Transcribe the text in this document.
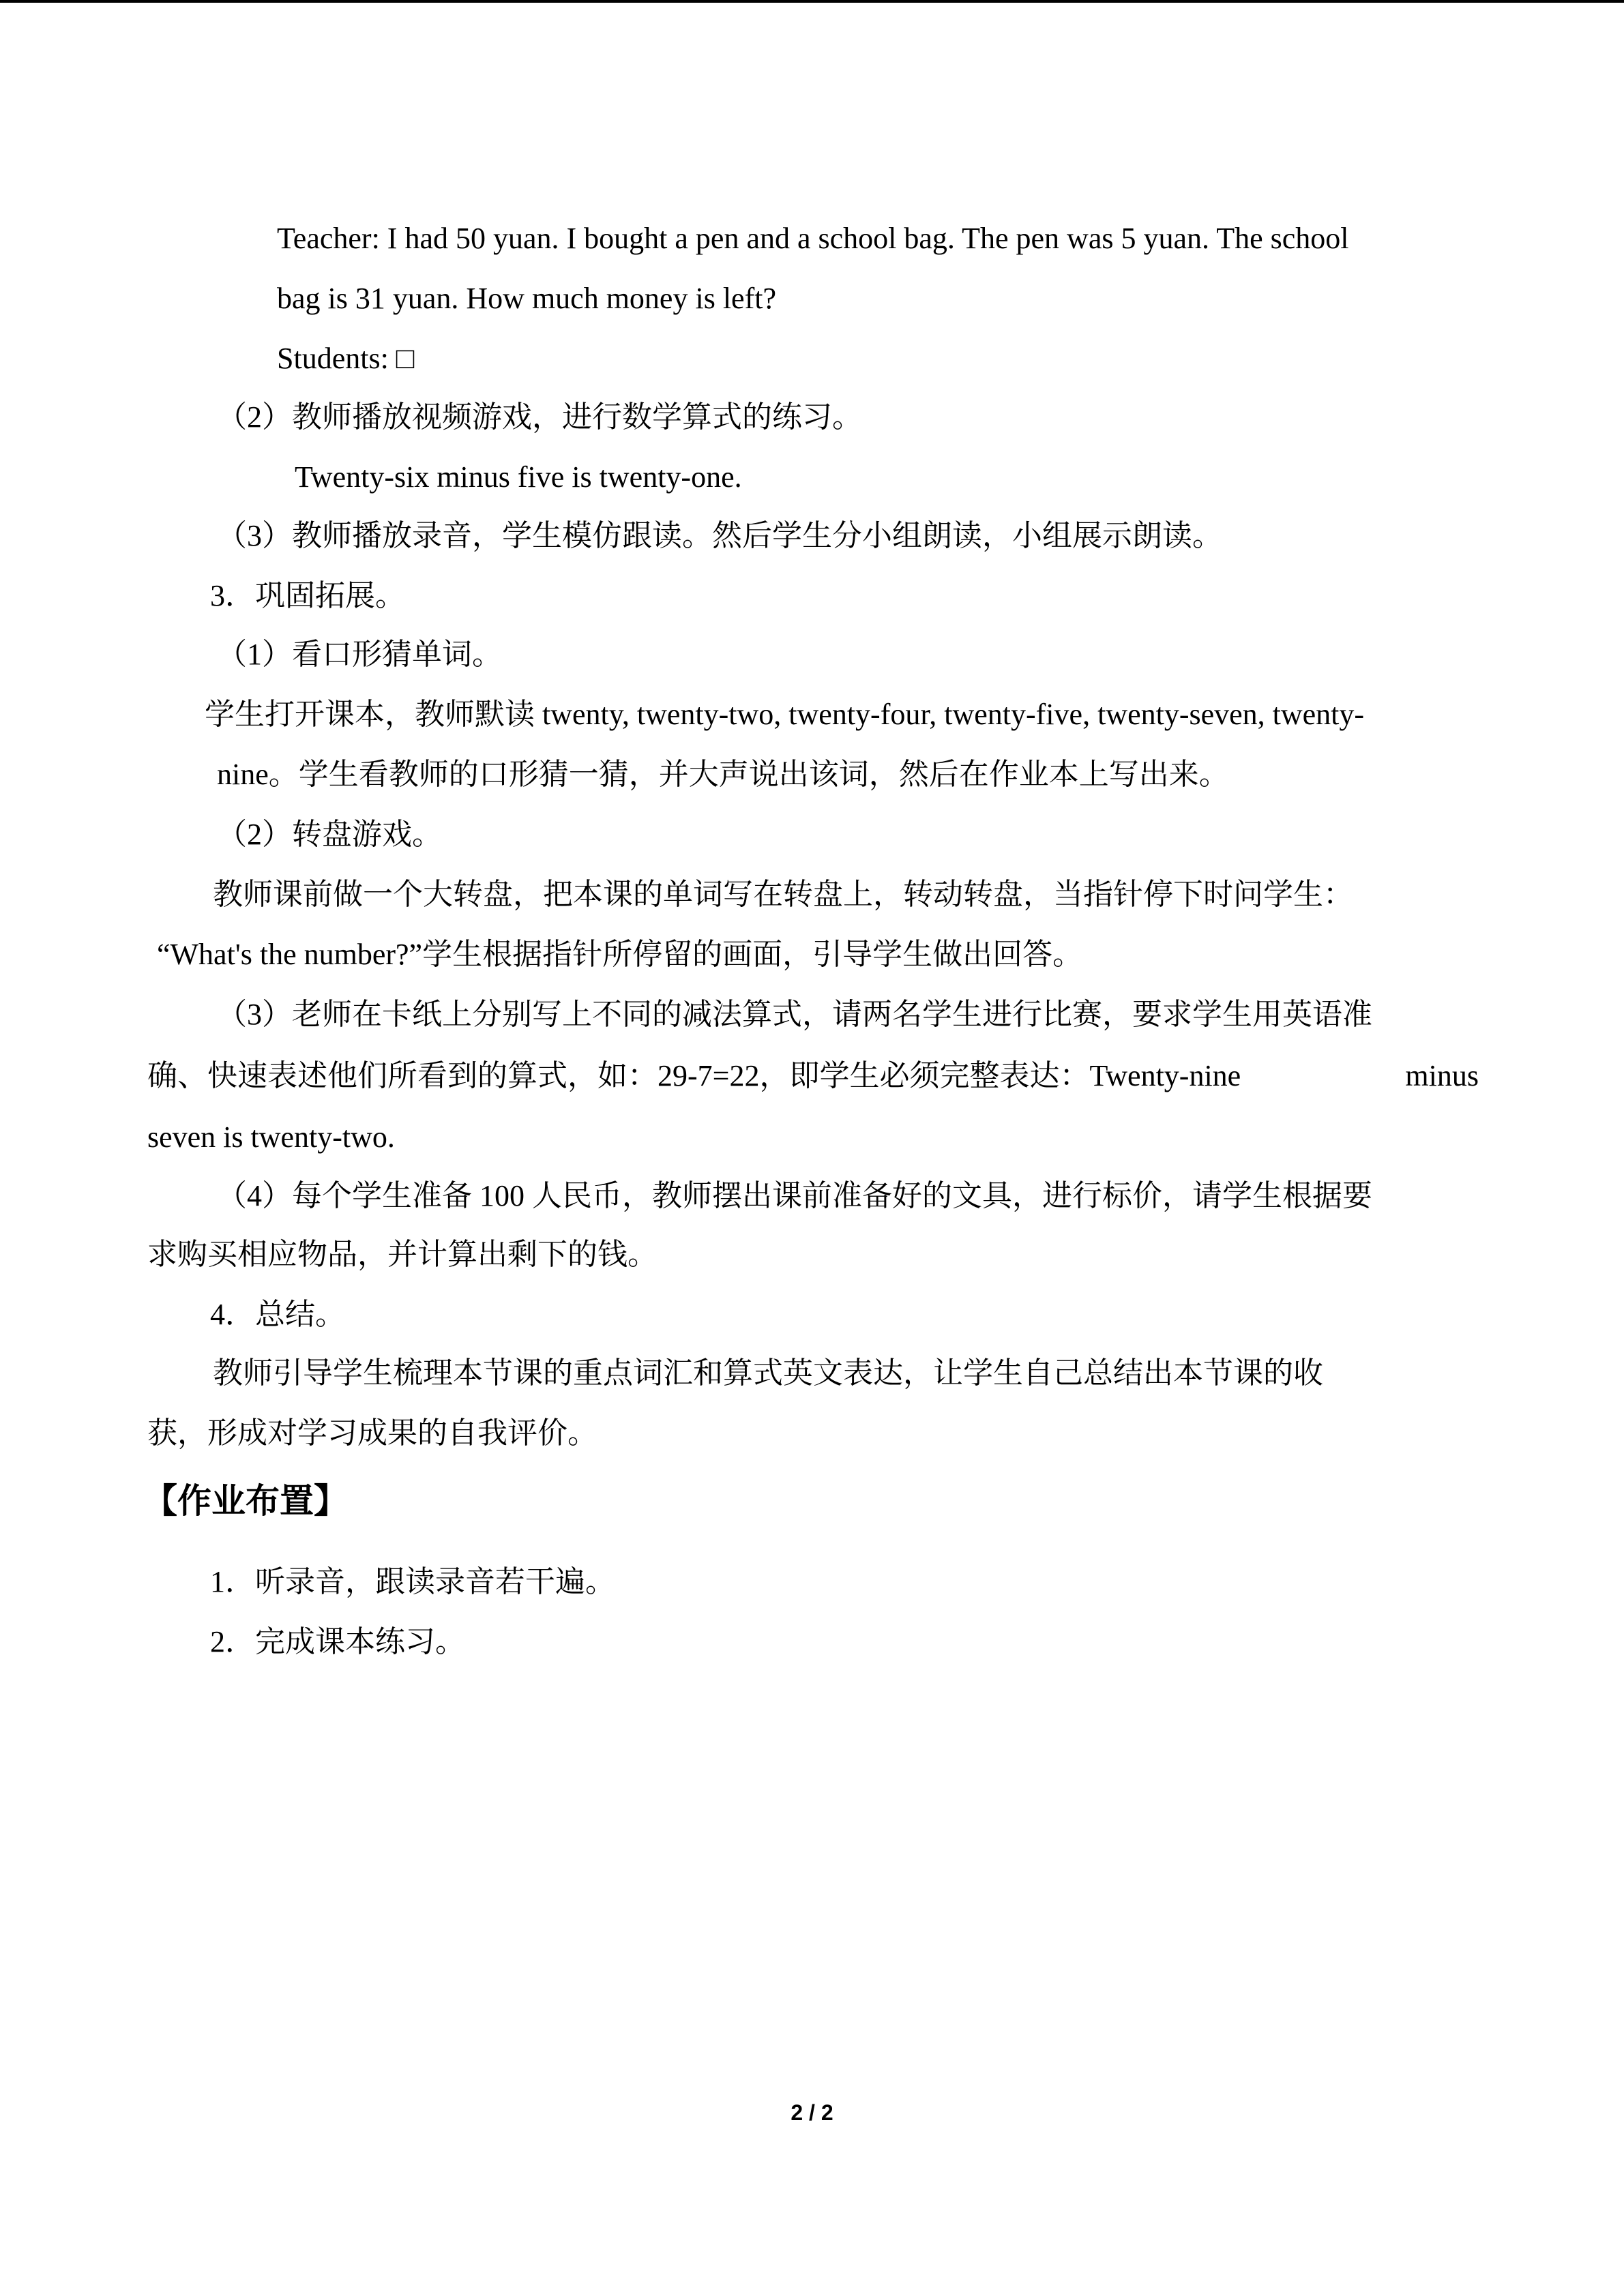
Teacher: I had 50 yuan. I bought a pen and a school bag. The pen was 5 yuan. The school

bag is 31 yuan. How much money is left?

Students: □

（2）教师播放视频游戏，进行数学算式的练习。

Twenty-six minus five is twenty-one.

（3）教师播放录音，学生模仿跟读。然后学生分小组朗读，小组展示朗读。

3．巩固拓展。

（1）看口形猜单词。

学生打开课本，教师默读 twenty, twenty-two, twenty-four, twenty-five, twenty-seven, twenty-

nine。学生看教师的口形猜一猜，并大声说出该词，然后在作业本上写出来。

（2）转盘游戏。

教师课前做一个大转盘，把本课的单词写在转盘上，转动转盘，当指针停下时问学生：

“What's the number?”学生根据指针所停留的画面，引导学生做出回答。

（3）老师在卡纸上分别写上不同的减法算式，请两名学生进行比赛，要求学生用英语准

确、快速表述他们所看到的算式，如：29-7=22，即学生必须完整表达：Twenty-nine	minus

seven is twenty-two.

（4）每个学生准备 100 人民币，教师摆出课前准备好的文具，进行标价，请学生根据要

求购买相应物品，并计算出剩下的钱。

4．总结。

教师引导学生梳理本节课的重点词汇和算式英文表达，让学生自己总结出本节课的收

获，形成对学习成果的自我评价。

【作业布置】

1．听录音，跟读录音若干遍。

2．完成课本练习。

2 / 2
